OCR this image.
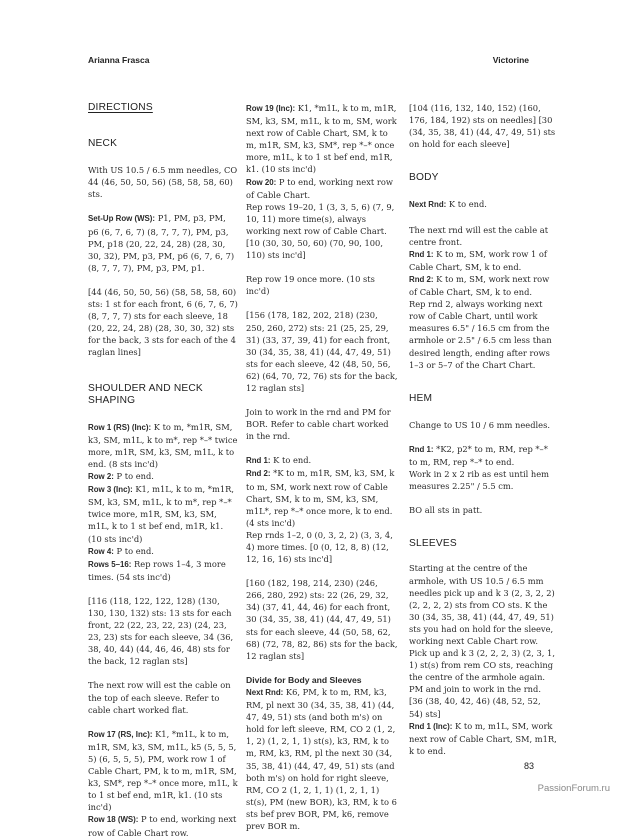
Arianna Frasca	Victorine
DIRECTIONS
NECK

With US 10.5 / 6.5 mm needles, CO 44 (46, 50, 50, 56) (58, 58, 58, 60) sts.

Set-Up Row (WS): P1, PM, p3, PM, p6 (6, 7, 6, 7) (8, 7, 7, 7), PM, p3, PM, p18 (20, 22, 24, 28) (28, 30, 30, 32), PM, p3, PM, p6 (6, 7, 6, 7) (8, 7, 7, 7), PM, p3, PM, p1.

[44 (46, 50, 50, 56) (58, 58, 58, 60) sts: 1 st for each front, 6 (6, 7, 6, 7) (8, 7, 7, 7) sts for each sleeve, 18 (20, 22, 24, 28) (28, 30, 30, 32) sts for the back, 3 sts for each of the 4 raglan lines]

SHOULDER AND NECK SHAPING
Row 1 (RS) (Inc): K to m, *m1R, SM, k3, SM, m1L, k to m*, rep *–* twice more, m1R, SM, k3, SM, m1L, k to end. (8 sts inc'd)
Row 2: P to end.
Row 3 (Inc): K1, m1L, k to m, *m1R, SM, k3, SM, m1L, k to m*, rep *–* twice more, m1R, SM, k3, SM, m1L, k to 1 st bef end, m1R, k1. (10 sts inc'd)
Row 4: P to end.

Rows 5–16: Rep rows 1–4, 3 more times. (54 sts inc'd)

[116 (118, 122, 122, 128) (130, 130, 130, 132) sts: 13 sts for each front, 22 (22, 23, 22, 23) (24, 23, 23, 23) sts for each sleeve, 34 (36, 38, 40, 44) (44, 46, 46, 48) sts for the back, 12 raglan sts]

The next row will est the cable on the top of each sleeve. Refer to cable chart worked flat.

Row 17 (RS, Inc): K1, *m1L, k to m, m1R, SM, k3, SM, m1L, k5 (5, 5, 5, 5) (6, 5, 5, 5), PM, work row 1 of Cable Chart, PM, k to m, m1R, SM, k3, SM*, rep *–* once more, m1L, k to 1 st bef end, m1R, k1. (10 sts inc'd)
Row 18 (WS): P to end, working next row of Cable Chart row.
Row 19 (Inc): K1, *m1L, k to m, m1R, SM, k3, SM, m1L, k to m, SM, work next row of Cable Chart, SM, k to m, m1R, SM, k3, SM*, rep *–* once more, m1L, k to 1 st bef end, m1R, k1. (10 sts inc'd)
Row 20: P to end, working next row of Cable Chart.

Rep rows 19–20, 1 (3, 3, 5, 6) (7, 9, 10, 11) more time(s), always working next row of Cable Chart. [10 (30, 30, 50, 60) (70, 90, 100, 110) sts inc'd]

Rep row 19 once more. (10 sts inc'd)

[156 (178, 182, 202, 218) (230, 250, 260, 272) sts: 21 (25, 25, 29, 31) (33, 37, 39, 41) for each front, 30 (34, 35, 38, 41) (44, 47, 49, 51) sts for each sleeve, 42 (48, 50, 56, 62) (64, 70, 72, 76) sts for the back, 12 raglan sts]

Join to work in the rnd and PM for BOR. Refer to cable chart worked in the rnd.

Rnd 1: K to end.
Rnd 2: *K to m, m1R, SM, k3, SM, k to m, SM, work next row of Cable Chart, SM, k to m, SM, k3, SM, m1L*, rep *–* once more, k to end. (4 sts inc'd)

Rep rnds 1–2, 0 (0, 3, 2, 2) (3, 3, 4, 4) more times. [0 (0, 12, 8, 8) (12, 12, 16, 16) sts inc'd]

[160 (182, 198, 214, 230) (246, 266, 280, 292) sts: 22 (26, 29, 32, 34) (37, 41, 44, 46) for each front, 30 (34, 35, 38, 41) (44, 47, 49, 51) sts for each sleeve, 44 (50, 58, 62, 68) (72, 78, 82, 86) sts for the back, 12 raglan sts]

Divide for Body and Sleeves
Next Rnd: K6, PM, k to m, RM, k3, RM, pl next 30 (34, 35, 38, 41) (44, 47, 49, 51) sts (and both m's) on hold for left sleeve, RM, CO 2 (1, 2, 1, 2) (1, 2, 1, 1) st(s), k3, RM, k to m, RM, k3, RM, pl the next 30 (34, 35, 38, 41) (44, 47, 49, 51) sts (and both m's) on hold for right sleeve, RM, CO 2 (1, 2, 1, 1) (1, 2, 1, 1) st(s), PM (new BOR), k3, RM, k to 6 sts bef prev BOR, PM, k6, remove prev BOR m.

[104 (116, 132, 140, 152) (160, 176, 184, 192) sts on needles] [30 (34, 35, 38, 41) (44, 47, 49, 51) sts on hold for each sleeve]

BODY

Next Rnd: K to end.

The next rnd will est the cable at centre front.
Rnd 1: K to m, SM, work row 1 of Cable Chart, SM, k to end.
Rnd 2: K to m, SM, work next row of Cable Chart, SM, k to end.

Rep rnd 2, always working next row of Cable Chart, until work measures 6.5" / 16.5 cm from the armhole or 2.5" / 6.5 cm less than desired length, ending after rows 1–3 or 5–7 of the Chart Chart.

HEM

Change to US 10 / 6 mm needles.

Rnd 1: *K2, p2* to m, RM, rep *–* to m, RM, rep *–* to end.

Work in 2 x 2 rib as est until hem measures 2.25" / 5.5 cm.

BO all sts in patt.

SLEEVES
Starting at the centre of the armhole, with US 10.5 / 6.5 mm needles pick up and k 3 (2, 3, 2, 2) (2, 2, 2, 2) sts from CO sts. K the 30 (34, 35, 38, 41) (44, 47, 49, 51) sts you had on hold for the sleeve, working next Cable Chart row. Pick up and k 3 (2, 2, 2, 3) (2, 3, 1, 1) st(s) from rem CO sts, reaching the centre of the armhole again. PM and join to work in the rnd. [36 (38, 40, 42, 46) (48, 52, 52, 54) sts]
Rnd 1 (Inc): K to m, m1L, SM, work next row of Cable Chart, SM, m1R, k to end.
83
PassionForum.ru
